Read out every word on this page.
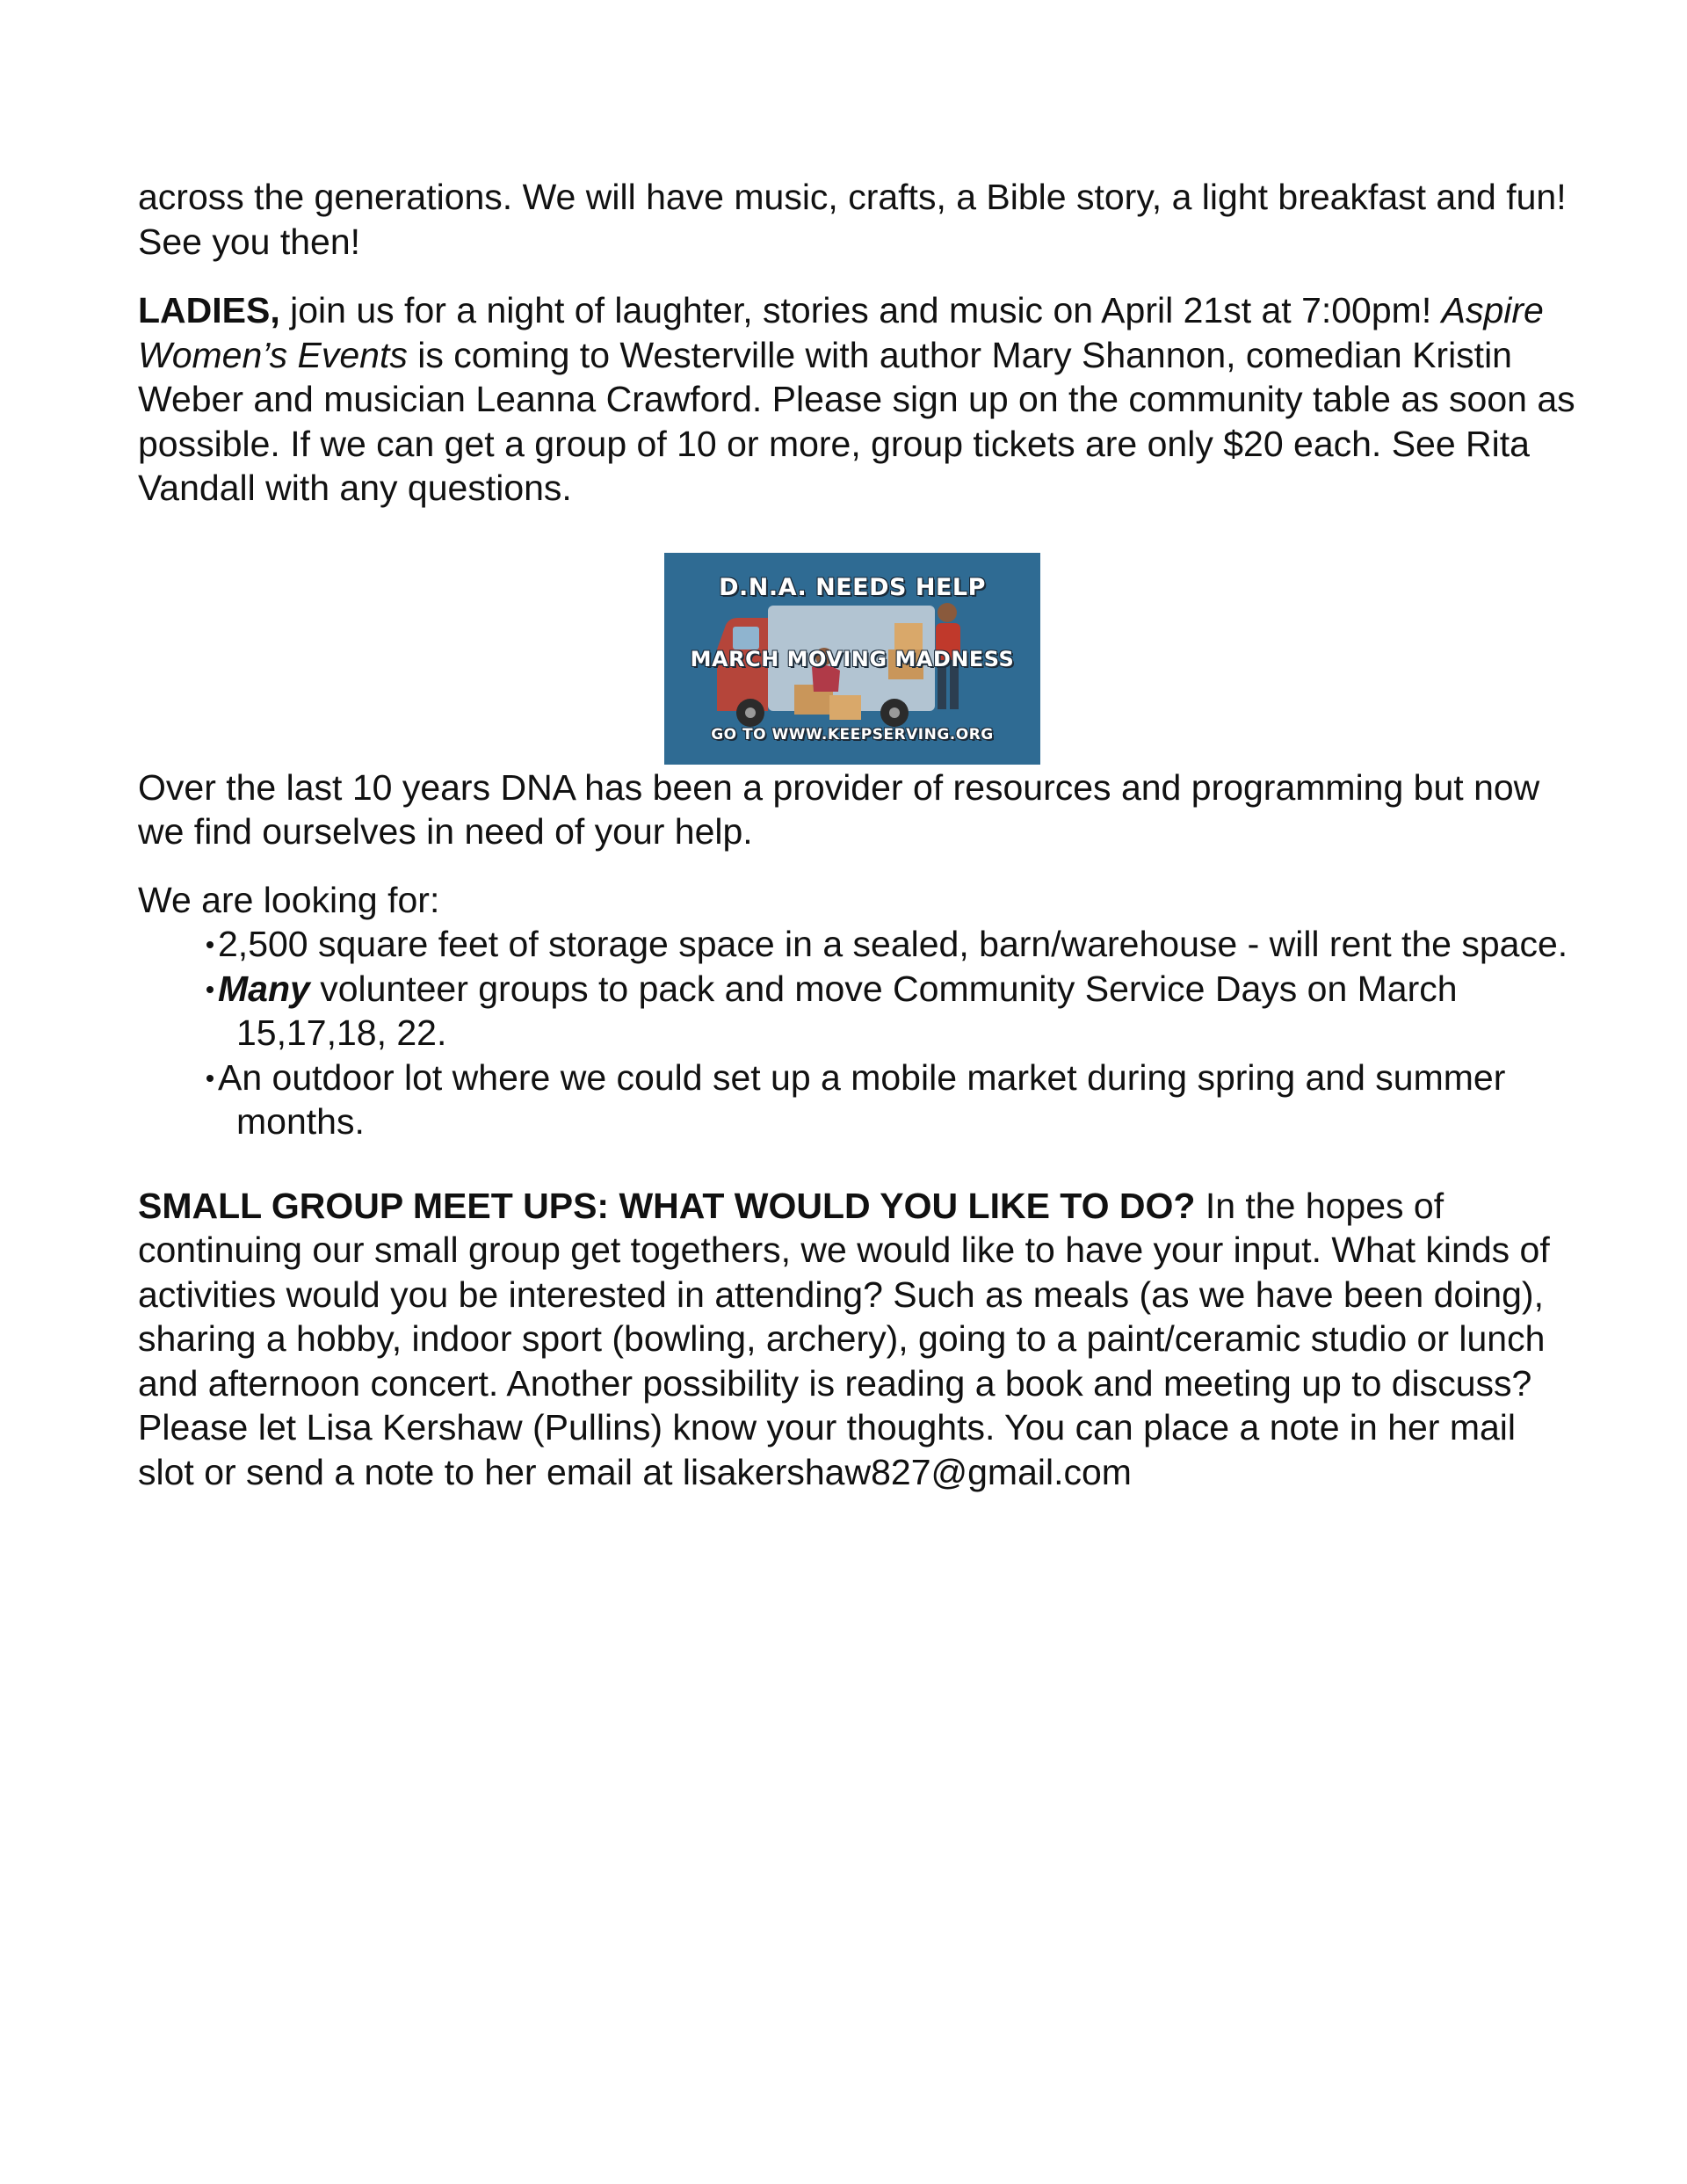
across the generations. We will have music, crafts, a Bible story, a light breakfast and fun! See you then!

LADIES, join us for a night of laughter, stories and music on April 21st at 7:00pm! Aspire Women’s Events is coming to Westerville with author Mary Shannon, comedian Kristin Weber and musician Leanna Crawford. Please sign up on the community table as soon as possible. If we can get a group of 10 or more, group tickets are only $20 each. See Rita Vandall with any questions.

D.N.A. NEEDS HELP
MARCH MOVING MADNESS
GO TO WWW.KEEPSERVING.ORG

Over the last 10 years DNA has been a provider of resources and programming but now we find ourselves in need of your help.

We are looking for:

2,500 square feet of storage space in a sealed, barn/warehouse - will rent the space.
Many volunteer groups to pack and move Community Service Days on March 15,17,18, 22.
An outdoor lot where we could set up a mobile market during spring and summer months.

SMALL GROUP MEET UPS: WHAT WOULD YOU LIKE TO DO? In the hopes of continuing our small group get togethers, we would like to have your input. What kinds of activities would you be interested in attending? Such as meals (as we have been doing), sharing a hobby, indoor sport (bowling, archery), going to a paint/ceramic studio or lunch and afternoon concert. Another possibility is reading a book and meeting up to discuss? Please let Lisa Kershaw (Pullins) know your thoughts. You can place a note in her mail slot or send a note to her email at lisakershaw827@gmail.com
